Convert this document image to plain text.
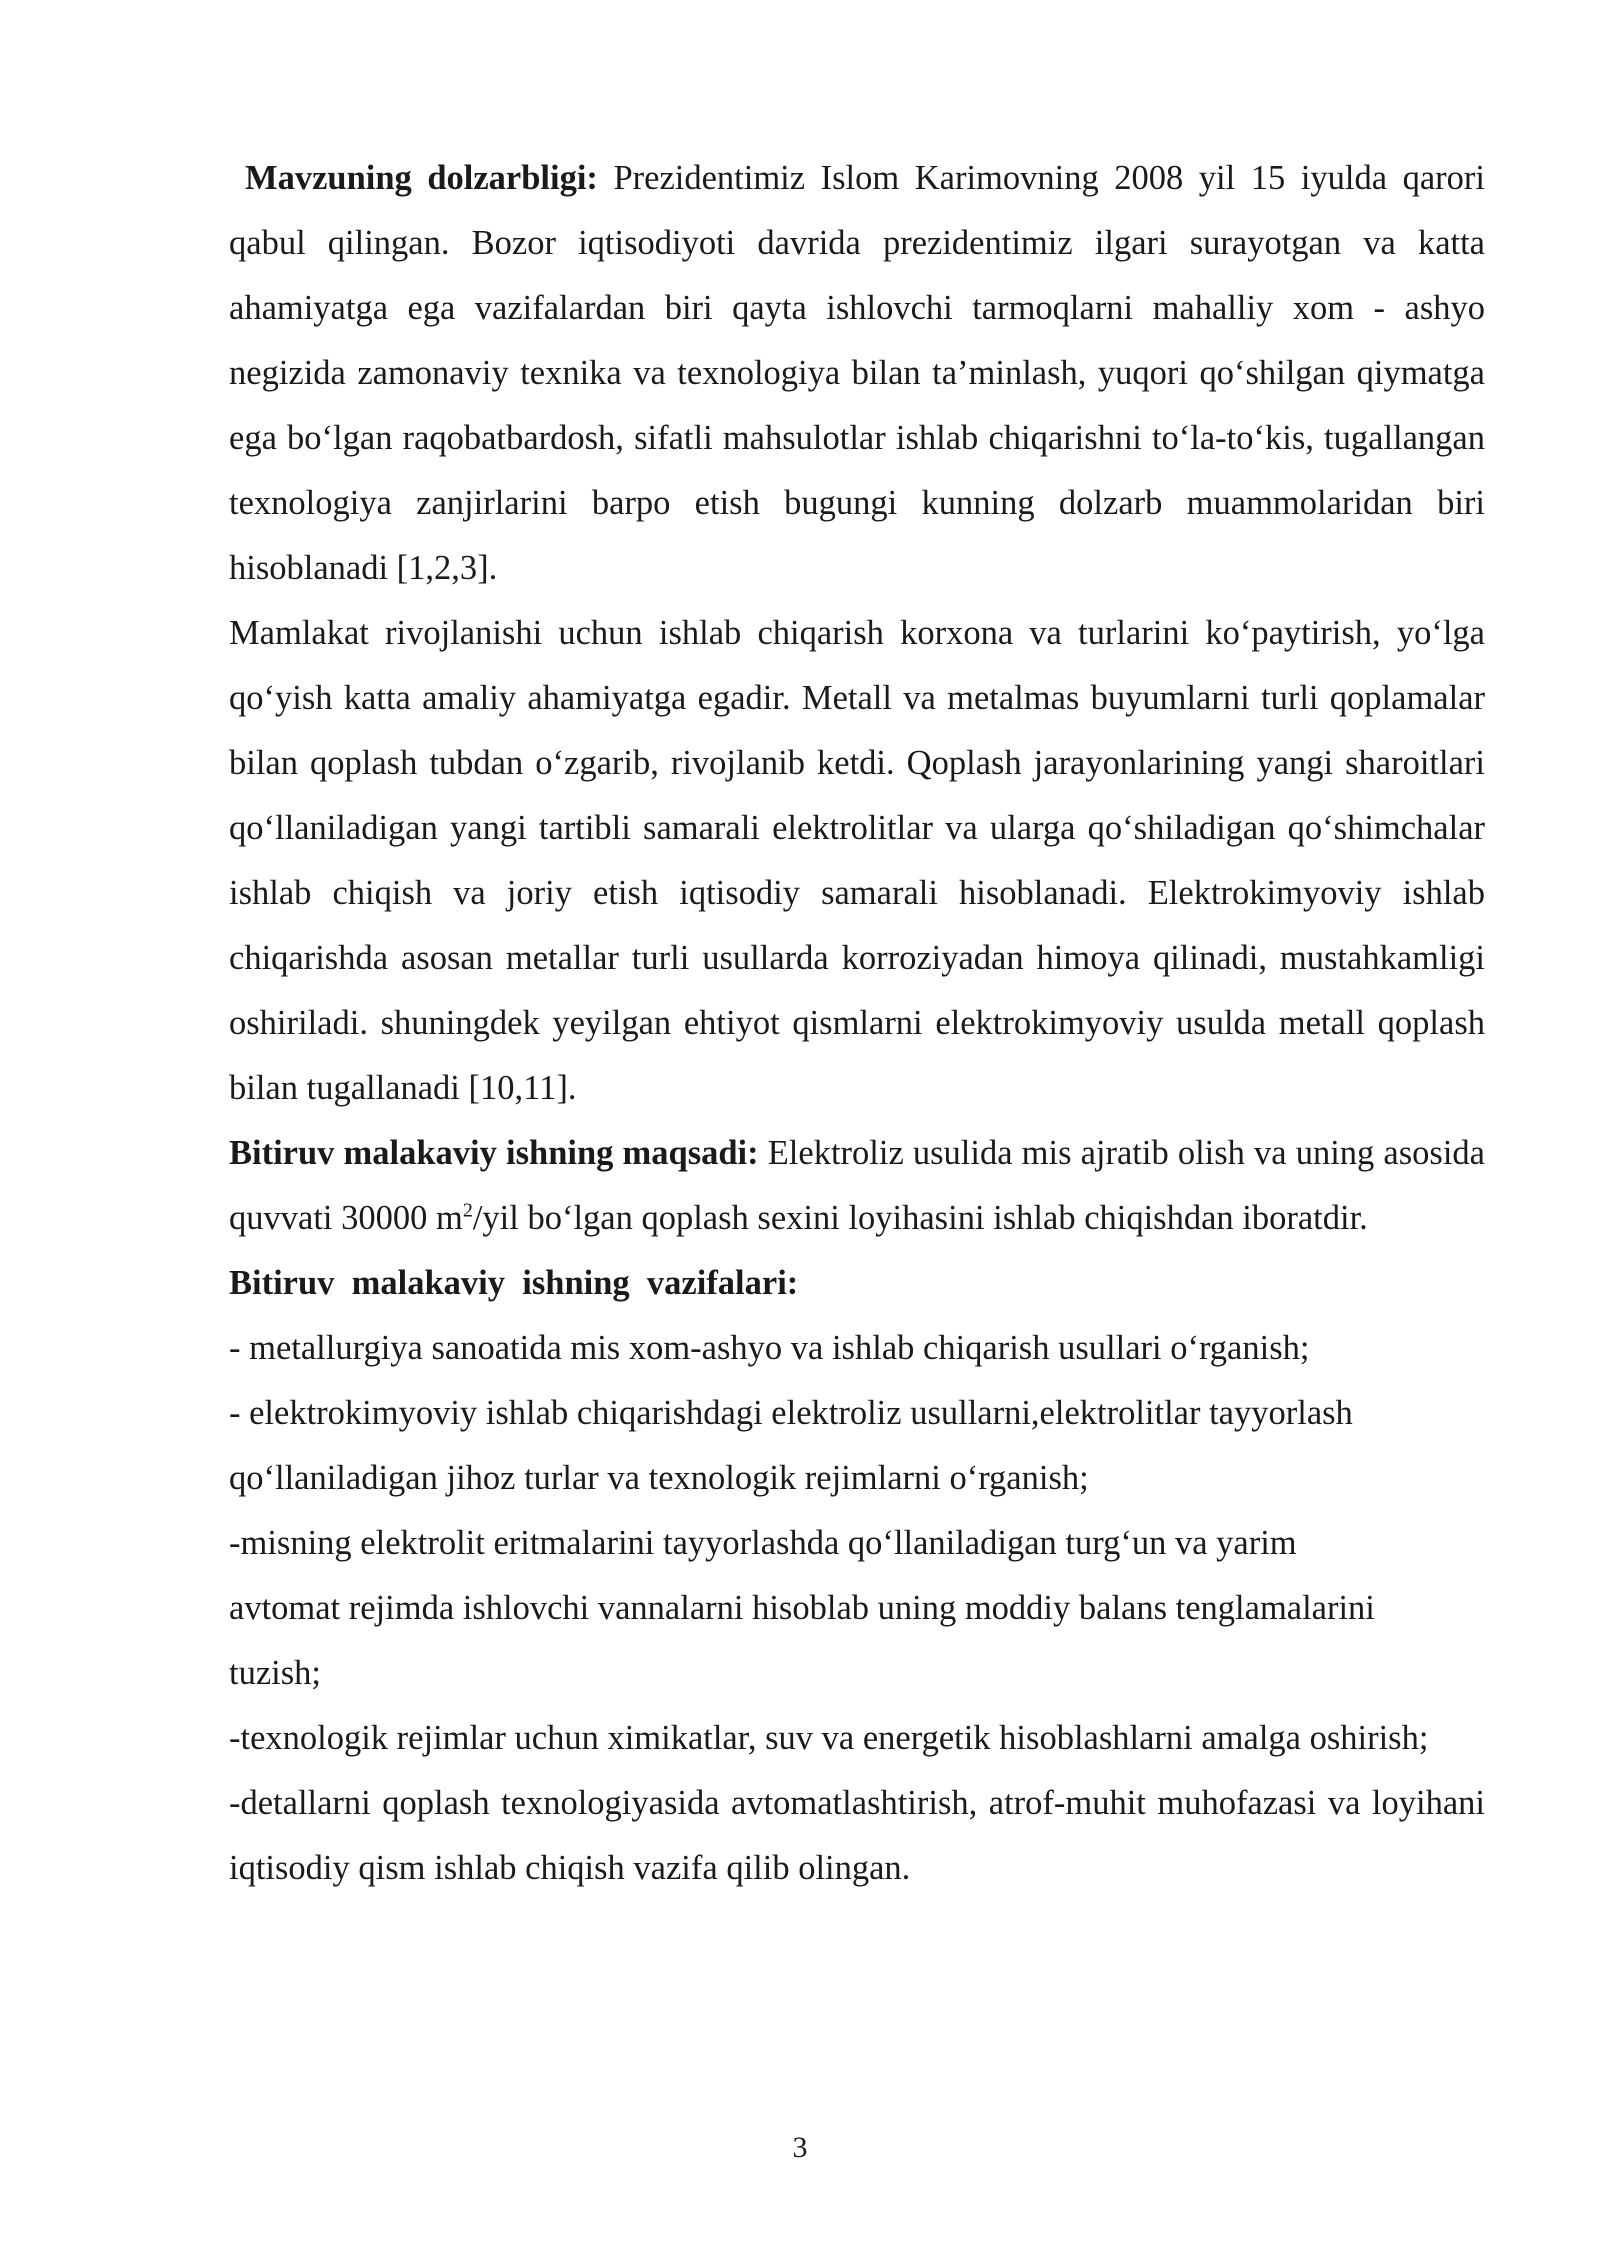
Mavzuning dolzarbligi: Prezidentimiz Islom Karimovning 2008 yil 15 iyulda qarori qabul qilingan. Bozor iqtisodiyoti davrida prezidentimiz ilgari surayotgan va katta ahamiyatga ega vazifalardan biri qayta ishlovchi tarmoqlarni mahalliy xom - ashyo negizida zamonaviy texnika va texnologiya bilan ta’minlash, yuqori qo‘shilgan qiymatga ega bo‘lgan raqobatbardosh, sifatli mahsulotlar ishlab chiqarishni to‘la-to‘kis, tugallangan texnologiya zanjirlarini barpo etish bugungi kunning dolzarb muammolaridan biri hisoblanadi [1,2,3].

Mamlakat rivojlanishi uchun ishlab chiqarish korxona va turlarini ko‘paytirish, yo‘lga qo‘yish katta amaliy ahamiyatga egadir. Metall va metalmas buyumlarni turli qoplamalar bilan qoplash tubdan o‘zgarib, rivojlanib ketdi. Qoplash jarayonlarining yangi sharoitlari qo‘llaniladigan yangi tartibli samarali elektrolitlar va ularga qo‘shiladigan qo‘shimchalar ishlab chiqish va joriy etish iqtisodiy samarali hisoblanadi. Elektrokimyoviy ishlab chiqarishda asosan metallar turli usullarda korroziyadan himoya qilinadi, mustahkamligi oshiriladi. shuningdek yeyilgan ehtiyot qismlarni elektrokimyoviy usulda metall qoplash bilan tugallanadi [10,11].

Bitiruv malakaviy ishning maqsadi: Elektroliz usulida mis ajratib olish va uning asosida quvvati 30000 $m^2$/yil bo‘lgan qoplash sexini loyihasini ishlab chiqishdan iboratdir.

Bitiruv  malakaviy  ishning  vazifalari:

- metallurgiya sanoatida mis xom-ashyo va ishlab chiqarish usullari o‘rganish;

- elektrokimyoviy ishlab chiqarishdagi elektroliz usullarni,elektrolitlar tayyorlash qo‘llaniladigan jihoz turlar va texnologik rejimlarni o‘rganish;

-misning elektrolit eritmalarini tayyorlashda qo‘llaniladigan turg‘un va yarim avtomat rejimda ishlovchi vannalarni hisoblab uning moddiy balans tenglamalarini tuzish;

-texnologik rejimlar uchun ximikatlar, suv va energetik hisoblashlarni amalga oshirish;

-detallarni qoplash texnologiyasida avtomatlashtirish, atrof-muhit muhofazasi va loyihani iqtisodiy qism ishlab chiqish vazifa qilib olingan.

3
